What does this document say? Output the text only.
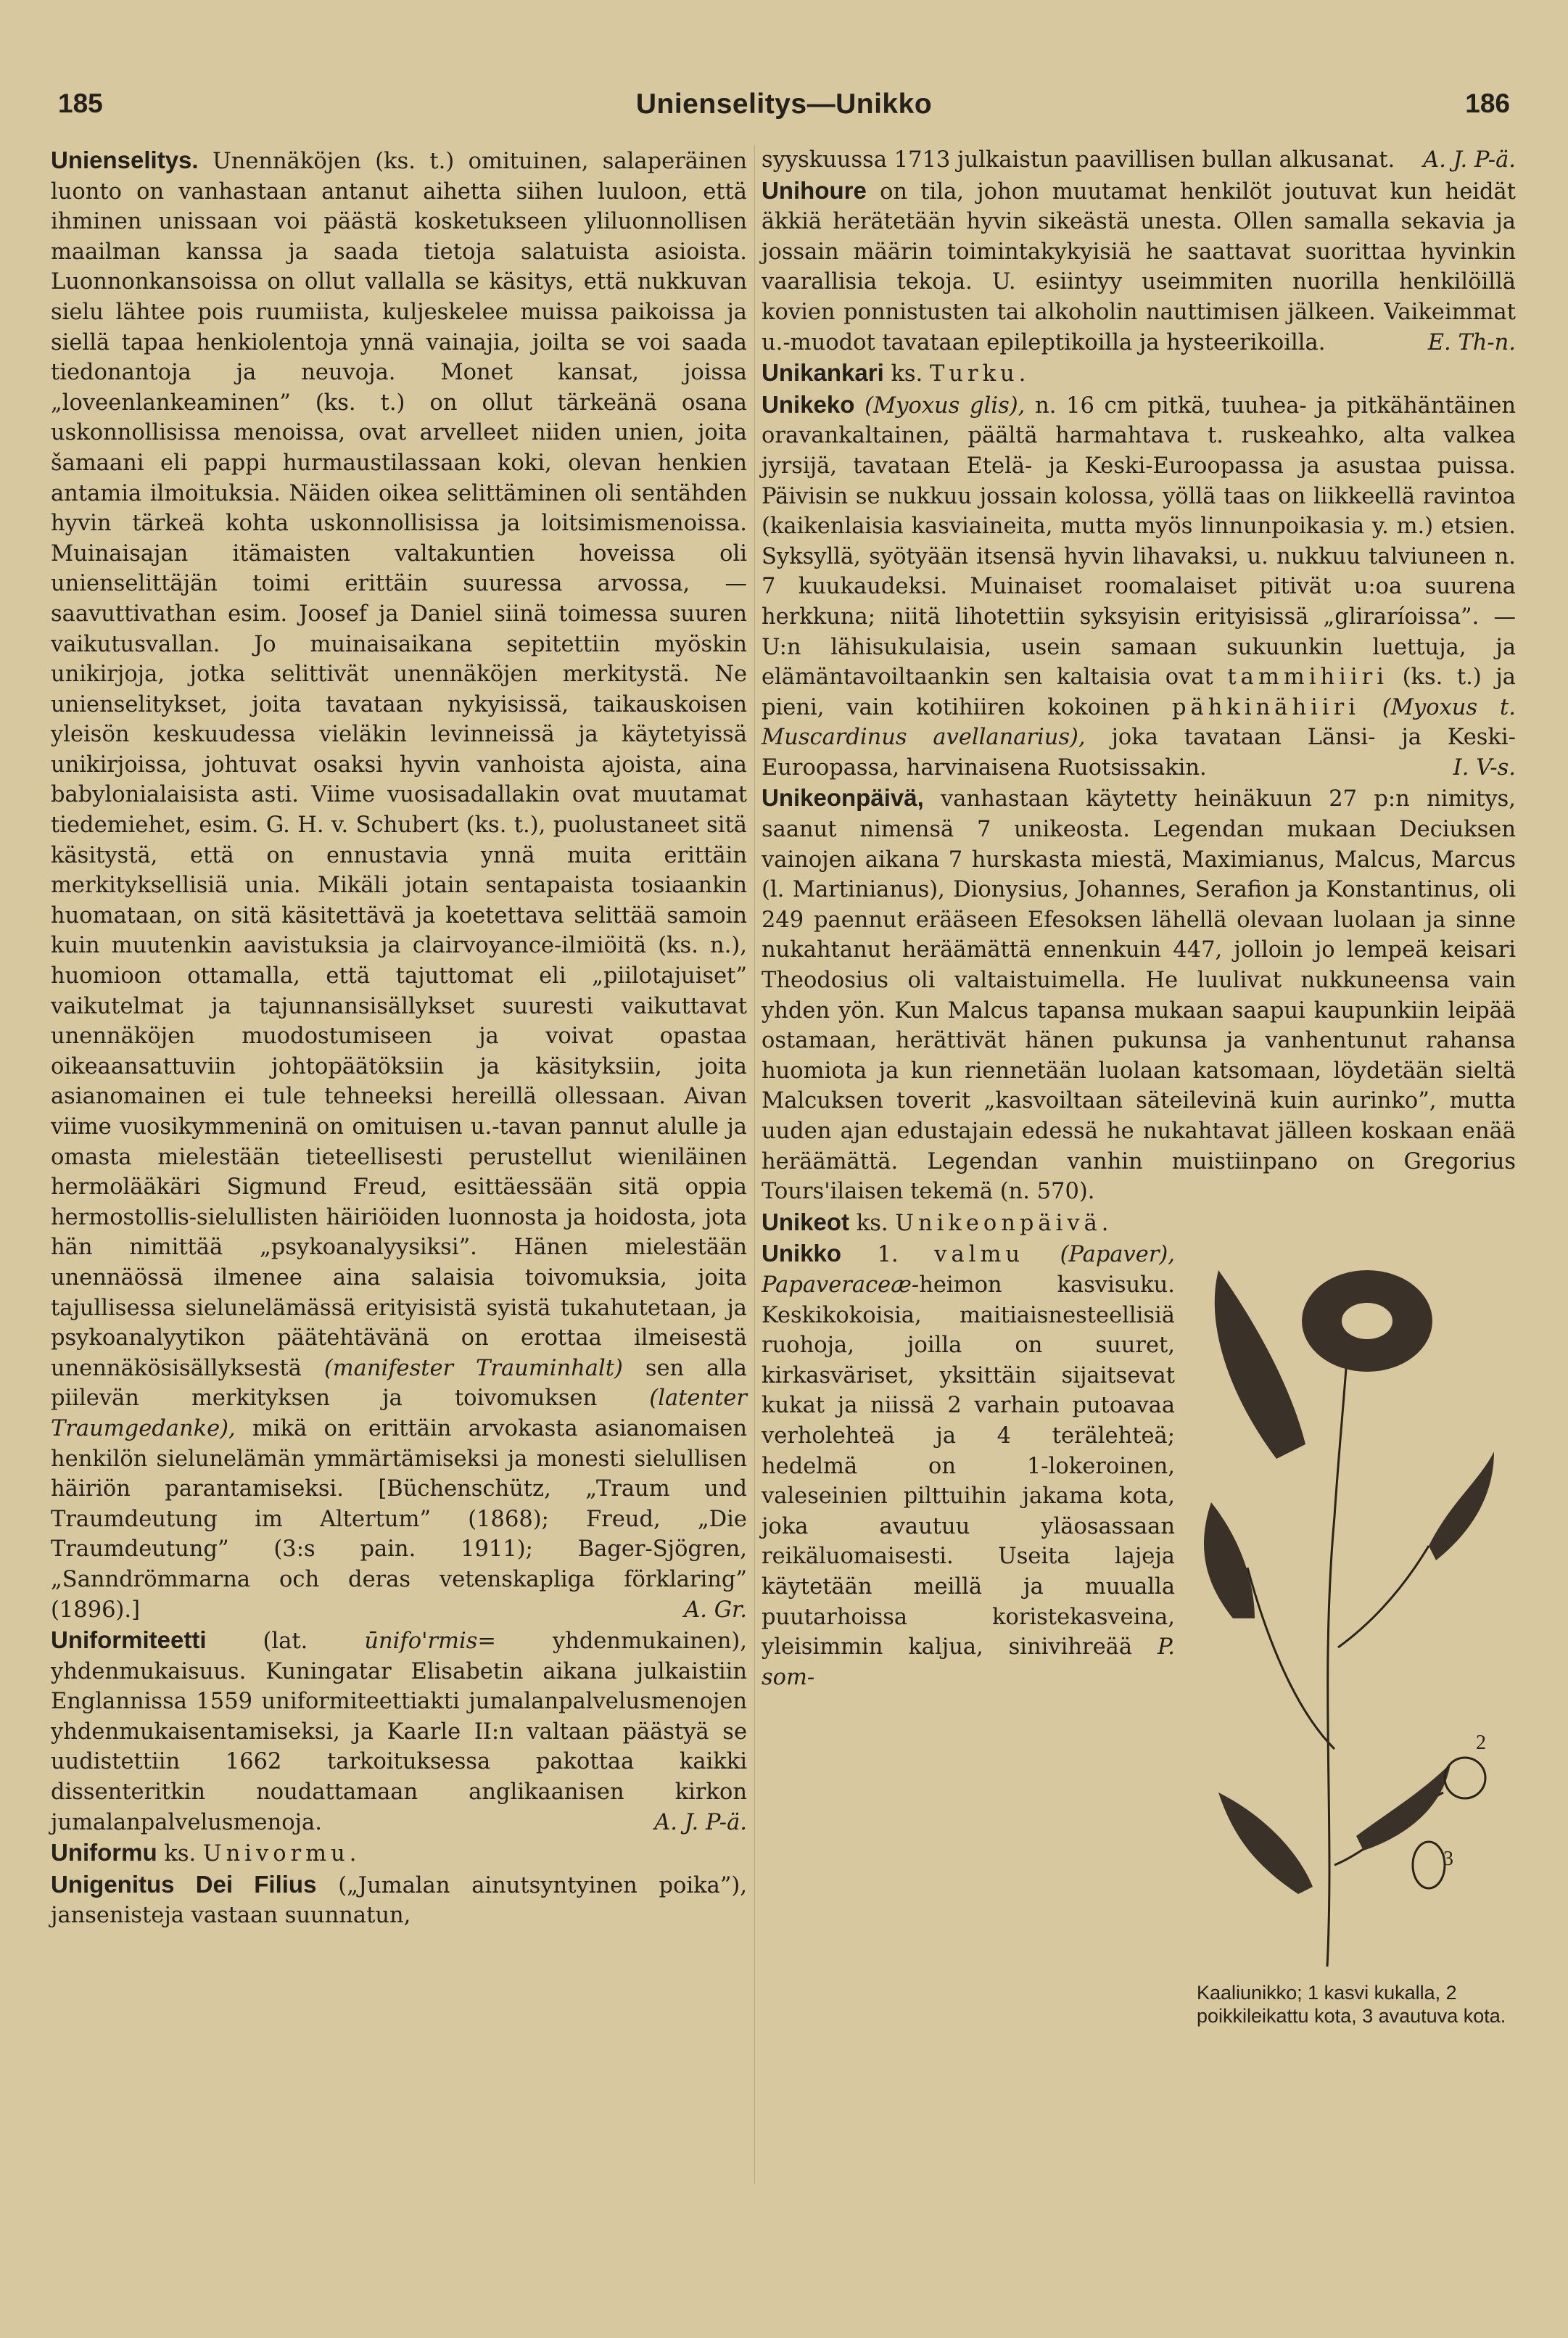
185	Unienselitys—Unikko	186

Unienselitys. Unennäköjen (ks. t.) omituinen, salaperäinen luonto on vanhastaan antanut aihetta siihen luuloon, että ihminen unissaan voi päästä kosketukseen yliluonnollisen maailman kanssa ja saada tietoja salatuista asioista. Luonnonkansoissa on ollut vallalla se käsitys, että nukkuvan sielu lähtee pois ruumiista, kuljeskelee muissa paikoissa ja siellä tapaa henkiolentoja ynnä vainajia, joilta se voi saada tiedonantoja ja neuvoja. Monet kansat, joissa „loveenlankeaminen” (ks. t.) on ollut tärkeänä osana uskonnollisissa menoissa, ovat arvelleet niiden unien, joita šamaani eli pappi hurmaustilassaan koki, olevan henkien antamia ilmoituksia. Näiden oikea selittäminen oli sentähden hyvin tärkeä kohta uskonnollisissa ja loitsimismenoissa. Muinaisajan itämaisten valtakuntien hoveissa oli unienselittäjän toimi erittäin suuressa arvossa, — saavuttivathan esim. Joosef ja Daniel siinä toimessa suuren vaikutusvallan. Jo muinaisaikana sepitettiin myöskin unikirjoja, jotka selittivät unennäköjen merkitystä. Ne unienselitykset, joita tavataan nykyisissä, taikauskoisen yleisön keskuudessa vieläkin levinneissä ja käytetyissä unikirjoissa, johtuvat osaksi hyvin vanhoista ajoista, aina babylonialaisista asti. Viime vuosisadallakin ovat muutamat tiedemiehet, esim. G. H. v. Schubert (ks. t.), puolustaneet sitä käsitystä, että on ennustavia ynnä muita erittäin merkityksellisiä unia. Mikäli jotain sentapaista tosiaankin huomataan, on sitä käsitettävä ja koetettava selittää samoin kuin muutenkin aavistuksia ja clairvoyance-ilmiöitä (ks. n.), huomioon ottamalla, että tajuttomat eli „piilotajuiset” vaikutelmat ja tajunnansisällykset suuresti vaikuttavat unennäköjen muodostumiseen ja voivat opastaa oikeaansattuviin johtopäätöksiin ja käsityksiin, joita asianomainen ei tule tehneeksi hereillä ollessaan. Aivan viime vuosikymmeninä on omituisen u.-tavan pannut alulle ja omasta mielestään tieteellisesti perustellut wieniläinen hermolääkäri Sigmund Freud, esittäessään sitä oppia hermostollis-sielullisten häiriöiden luonnosta ja hoidosta, jota hän nimittää „psykoanalyysiksi”. Hänen mielestään unennäössä ilmenee aina salaisia toivomuksia, joita tajullisessa sielunelämässä erityisistä syistä tukahutetaan, ja psykoanalyytikon päätehtävänä on erottaa ilmeisestä unennäkösisällyksestä (manifester Trauminhalt) sen alla piilevän merkityksen ja toivomuksen (latenter Traumgedanke), mikä on erittäin arvokasta asianomaisen henkilön sielunelämän ymmärtämiseksi ja monesti sielullisen häiriön parantamiseksi. [Büchenschütz, „Traum und Traumdeutung im Altertum” (1868); Freud, „Die Traumdeutung” (3:s pain. 1911); Bager-Sjögren, „Sanndrömmarna och deras vetenskapliga förklaring” (1896).]	A. Gr.

Uniformiteetti	(lat.	ūnifo'rmis= yhdenmukainen), yhdenmukaisuus. Kuningatar Elisabetin aikana julkaistiin Englannissa 1559 uniformiteettiakti jumalanpalvelusmenojen yhdenmukaisentamiseksi, ja Kaarle II:n valtaan päästyä se uudistettiin 1662 tarkoituksessa pakottaa kaikki dissenteritkin noudattamaan anglikaanisen kirkon jumalanpalvelusmenoja.	A. J. P-ä.

Uniformu ks. Univormu.

Unigenitus Dei Filius („Jumalan ainutsyntyinen poika”), jansenisteja vastaan suunnatun,

syyskuussa 1713 julkaistun paavillisen bullan alkusanat.	A. J. P-ä.

Unihoure on tila, johon muutamat henkilöt joutuvat kun heidät äkkiä herätetään hyvin sikeästä unesta. Ollen samalla sekavia ja jossain määrin toimintakykyisiä he saattavat suorittaa hyvinkin vaarallisia tekoja. U. esiintyy useimmiten nuorilla henkilöillä kovien ponnistusten tai alkoholin nauttimisen jälkeen. Vaikeimmat u.-muodot tavataan epileptikoilla ja hysteerikoilla.	E. Th-n.

Unikankari ks. Turku.

Unikeko (Myoxus glis), n. 16 cm pitkä, tuuhea- ja pitkähäntäinen oravankaltainen, päältä harmahtava t. ruskeahko, alta valkea jyrsijä, tavataan Etelä- ja Keski-Euroopassa ja asustaa puissa. Päivisin se nukkuu jossain kolossa, yöllä taas on liikkeellä ravintoa (kaikenlaisia kasviaineita, mutta myös linnunpoikasia y. m.) etsien. Syksyllä, syötyään itsensä hyvin lihavaksi, u. nukkuu talviuneen n. 7 kuukaudeksi. Muinaiset roomalaiset pitivät u:oa suurena herkkuna; niitä lihotettiin syksyisin erityisissä „gliraríoissa”. — U:n lähisukulaisia, usein samaan sukuunkin luettuja, ja elämäntavoiltaankin sen kaltaisia ovat tammihiiri (ks. t.) ja pieni, vain kotihiiren kokoinen pähkinähiiri (Myoxus t. Muscardinus avellanarius), joka tavataan Länsi- ja Keski-Euroopassa, harvinaisena Ruotsissakin.	I. V-s.

Unikeonpäivä, vanhastaan käytetty heinäkuun 27 p:n nimitys, saanut nimensä 7 unikeosta. Legendan mukaan Deciuksen vainojen aikana 7 hurskasta miestä, Maximianus, Malcus, Marcus (l. Martinianus), Dionysius, Johannes, Serafion ja Konstantinus, oli 249 paennut erääseen Efesoksen lähellä olevaan luolaan ja sinne nukahtanut heräämättä ennenkuin 447, jolloin jo lempeä keisari Theodosius oli valtaistuimella. He luulivat nukkuneensa vain yhden yön. Kun Malcus tapansa mukaan saapui kaupunkiin leipää ostamaan, herättivät hänen pukunsa ja vanhentunut rahansa huomiota ja kun riennetään luolaan katsomaan, löydetään sieltä Malcuksen toverit „kasvoiltaan säteilevinä kuin aurinko”, mutta uuden ajan edustajain edessä he nukahtavat jälleen koskaan enää heräämättä. Legendan vanhin muistiinpano on Gregorius Tours'ilaisen tekemä (n. 570).

Unikeot ks. Unikeonpäivä.

2
3
Kaaliunikko; 1 kasvi kukalla, 2 poikkileikattu kota, 3 avautuva kota.

Unikko 1. valmu (Papaver), Papaveraceæ-heimon kasvisuku. Keskikokoisia, maitiaisnesteellisiä ruohoja, joilla on suuret, kirkasväriset, yksittäin sijaitsevat kukat ja niissä 2 varhain putoavaa verholehteä ja 4 terälehteä; hedelmä on 1-lokeroinen, valeseinien pilttuihin jakama kota, joka avautuu yläosassaan reikäluomaisesti. Useita lajeja käytetään meillä ja muualla puutarhoissa koristekasveina, yleisimmin kaljua, sinivihreää P. som-
